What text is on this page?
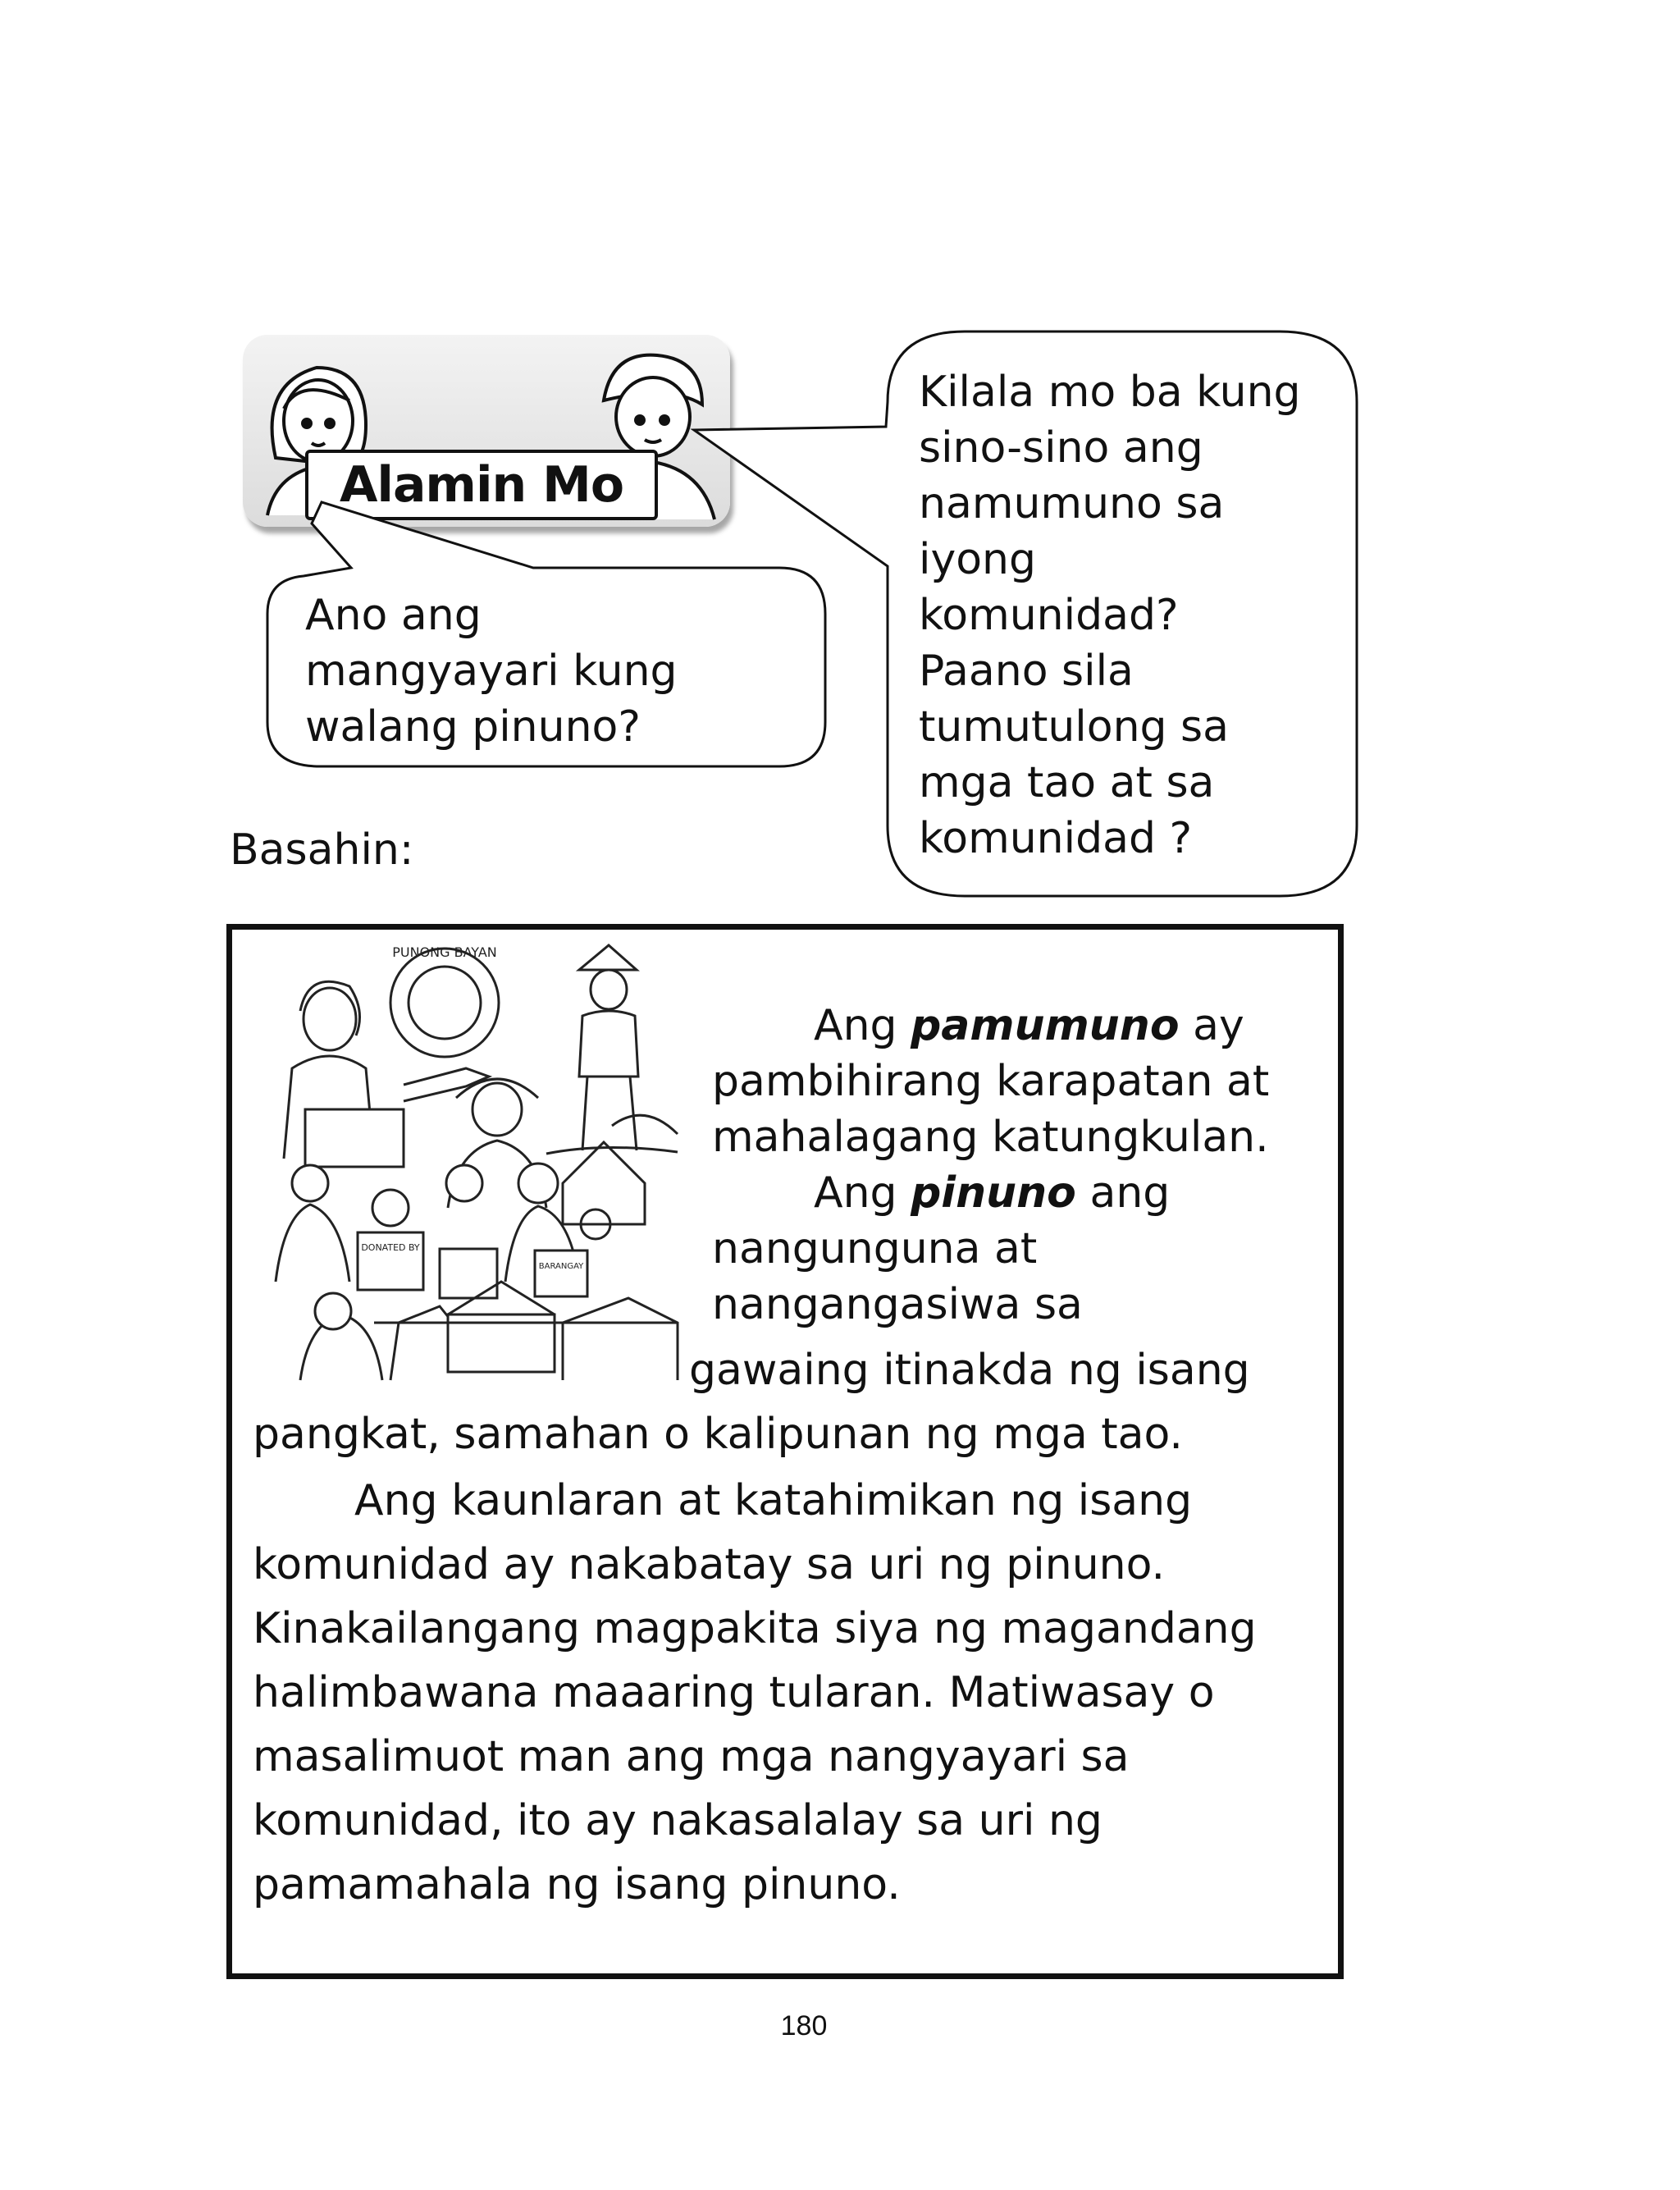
Alamin Mo
Ano ang
mangyayari kung
walang pinuno?
Kilala mo ba kung
sino-sino ang
namumuno sa
iyong
komunidad?
Paano sila
tumutulong sa
mga tao at sa
komunidad ?
Basahin:
PUNONG BAYAN
DONATED BY
BARANGAY
Ang pamumuno ay pambihirang karapatan at mahalagang katungkulan.
Ang pinuno ang nangunguna at nangangasiwa sa
gawaing itinakda ng isang
pangkat, samahan o kalipunan ng mga tao.
Ang kaunlaran at katahimikan ng isang komunidad ay nakabatay sa uri ng pinuno. Kinakailangang magpakita siya ng magandang halimbawana maaaring tularan. Matiwasay o masalimuot man ang mga nangyayari sa komunidad, ito ay nakasalalay sa uri ng pamamahala ng isang pinuno.
180
